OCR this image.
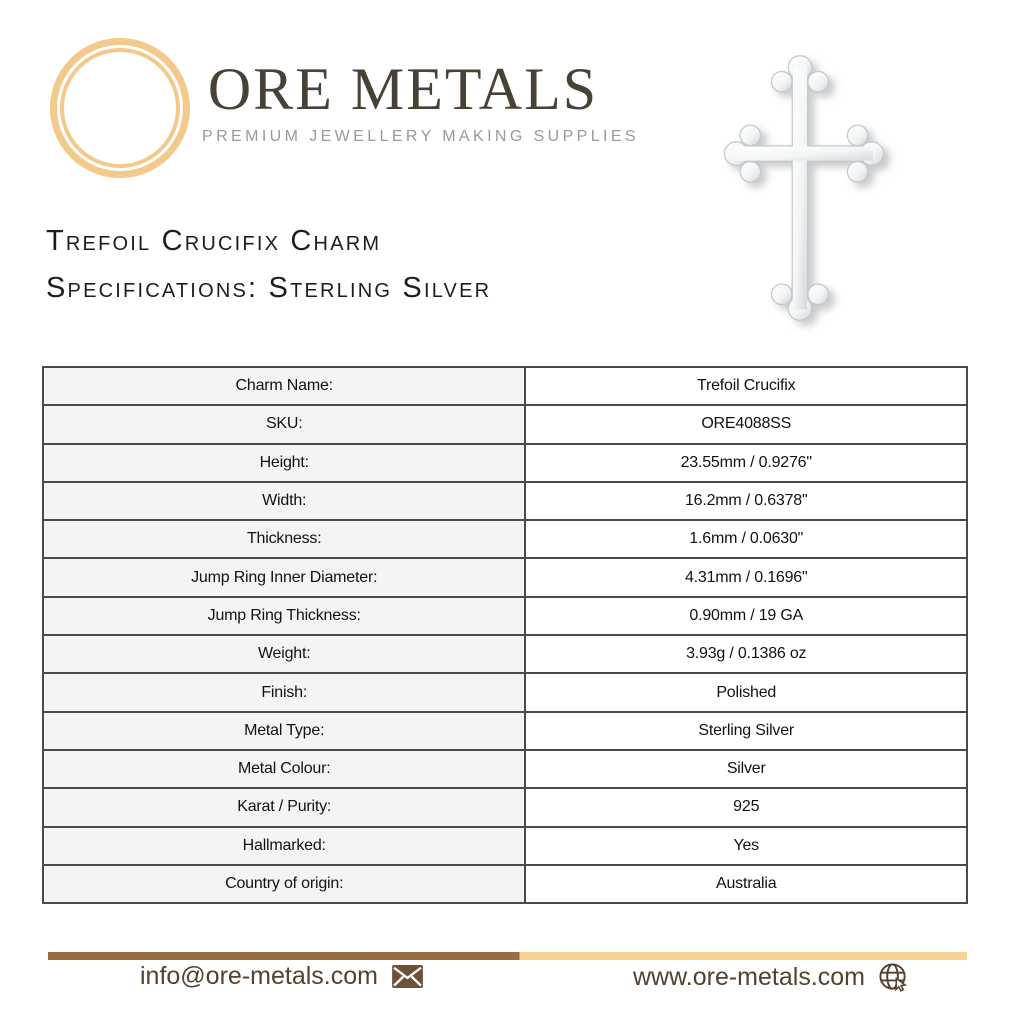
ORE METALS
PREMIUM JEWELLERY MAKING SUPPLIES
Trefoil Crucifix Charm
Specifications: Sterling Silver
Charm Name:	Trefoil Crucifix
SKU:	ORE4088SS
Height:	23.55mm / 0.9276"
Width:	16.2mm / 0.6378"
Thickness:	1.6mm / 0.0630"
Jump Ring Inner Diameter:	4.31mm / 0.1696"
Jump Ring Thickness:	0.90mm / 19 GA
Weight:	3.93g / 0.1386 oz
Finish:	Polished
Metal Type:	Sterling Silver
Metal Colour:	Silver
Karat / Purity:	925
Hallmarked:	Yes
Country of origin:	Australia
info@ore-metals.com	www.ore-metals.com
